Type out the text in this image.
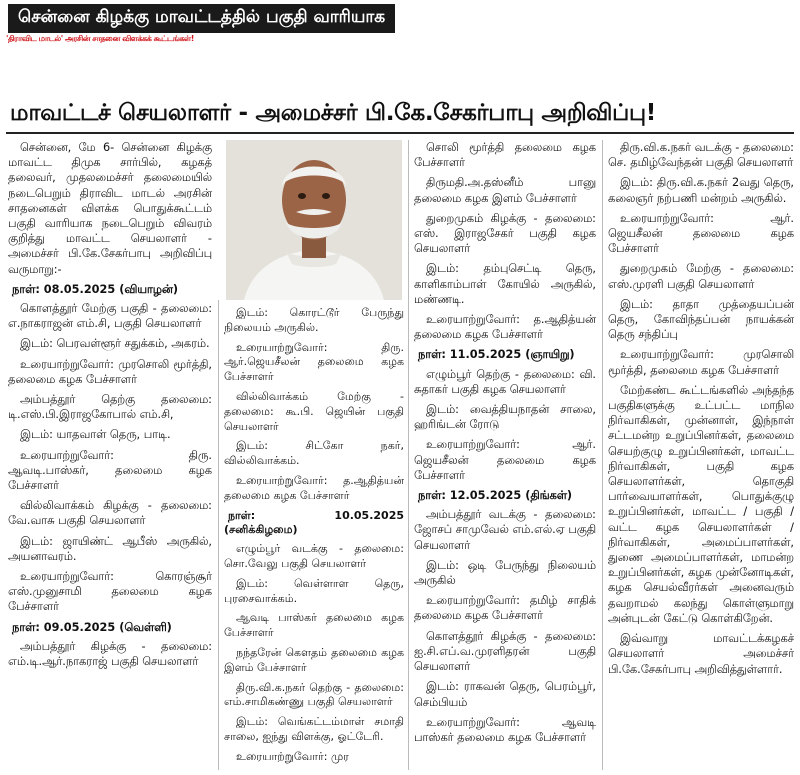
சென்னை கிழக்கு மாவட்டத்தில் பகுதி வாரியாக
'திராவிட மாடல்' அரசின் சாதனை விளக்கக் கூட்டங்கள்!
மாவட்டச் செயலாளர் - அமைச்சர் பி.கே.சேகர்பாபு அறிவிப்பு!

சென்னை, மே 6- சென்னை கிழக்கு மாவட்ட திமுக சார்பில், கழகத் தலைவர், முதலமைச்சர் தலைமையில் நடைபெறும் திராவிட மாடல் அரசின் சாதனைகள் விளக்க பொதுக்கூட்டம் பகுதி வாரியாக நடைபெறும் விவரம் குறித்து மாவட்ட செயலாளர் - அமைச்சர் பி.கே.சேகர்பாபு அறிவிப்பு வருமாறு:-

நாள்: 08.05.2025 (வியாழன்)

கொளத்தூர் மேற்கு பகுதி - தலைமை: எ.நாகராஜன் எம்.சி, பகுதி செயலாளர்

இடம்: பெரவள்ளூர் சதுக்கம், அகரம்.

உரையாற்றுவோர்: முரசொலி மூர்த்தி, தலைமை கழக பேச்சாளர்

அம்பத்தூர் தெற்கு தலைமை: டி.எஸ்.பி.இராஜகோபால் எம்.சி,

இடம்: யாதவாள் தெரு, பாடி.

உரையாற்றுவோர்: திரு. ஆவடி.பாஸ்கர், தலைமை கழக பேச்சாளர்

வில்லிவாக்கம் கிழக்கு - தலைமை: வே.வாசு பகுதி செயலாளர்

இடம்: ஜாயிண்ட் ஆபீஸ் அருகில், அயனாவரம்.

உரையாற்றுவோர்: கொரஞ்சூர் எஸ்.முனுசாமி தலைமை கழக பேச்சாளர்

நாள்: 09.05.2025 (வெள்ளி)

அம்பத்தூர் கிழக்கு - தலைமை: எம்.டி.ஆர்.நாகராஜ் பகுதி செயலாளர்

இடம்: கொரட்டூர் பேருந்து நிலையம் அருகில்.

உரையாற்றுவோர்: திரு. ஆர்.ஜெயசீலன் தலைமை கழக பேச்சாளர்

வில்லிவாக்கம் மேற்கு - தலைமை: கூ.பி. ஜெயின் பகுதி செயலாளர்

இடம்: சிட்கோ நகர், வில்லிவாக்கம்.

உரையாற்றுவோர்: த.ஆதித்யன் தலைமை கழக பேச்சாளர்

நாள்: 10.05.2025 (சனிக்கிழமை)

எழும்பூர் வடக்கு - தலைமை: சொ.வேலு பகுதி செயலாளர்

இடம்: வெள்ளாள தெரு, புரசைவாக்கம்.

ஆவடி பாஸ்கர் தலைமை கழக பேச்சாளர்

நந்தரேன் கௌதம் தலைமை கழக இளம் பேச்சாளர்

திரு.வி.க.நகர் தெற்கு - தலைமை: எம்.சாமிகண்ணு பகுதி செயலாளர்

இடம்: வெங்கட்டம்மாள் சமாதி சாலை, ஐந்து விளக்கு, ஓட்டேரி.

உரையாற்றுவோர்: முர

சொலி மூர்த்தி தலைமை கழக பேச்சாளர்

திருமதி.அ.தஸ்னீம் பானு தலைமை கழக இளம் பேச்சாளர்

துறைமுகம் கிழக்கு - தலைமை: எஸ். இராஜசேகர் பகுதி கழக செயலாளர்

இடம்: தம்புசெட்டி தெரு, காளிகாம்பாள் கோயில் அருகில், மண்ணடி.

உரையாற்றுவோர்: த.ஆதித்யன் தலைமை கழக பேச்சாளர்

நாள்: 11.05.2025 (ஞாயிறு)

எழும்பூர் தெற்கு - தலைமை: வி. சுதாகர் பகுதி கழக செயலாளர்

இடம்: வைத்தியநாதன் சாலை, ஹரிங்டன் ரோடு

உரையாற்றுவோர்: ஆர். ஜெயசீலன் தலைமை கழக பேச்சாளர்

நாள்: 12.05.2025 (திங்கள்)

அம்பத்தூர் வடக்கு - தலைமை: ஜோசப் சாமுவேல் எம்.எல்.ஏ பகுதி செயலாளர்

இடம்: ஒடி பேருந்து நிலையம் அருகில்

உரையாற்றுவோர்: தமிழ் சாதிக் தலைமை கழக பேச்சாளர்

கொளத்தூர் கிழக்கு - தலைமை: ஐ.சி.எப்.வ.முரளிதரன் பகுதி செயலாளர்

இடம்: ராகவன் தெரு, பெரம்பூர், செம்பியம்

உரையாற்றுவோர்: ஆவடி பாஸ்கர் தலைமை கழக பேச்சாளர்

திரு.வி.க.நகர் வடக்கு - தலைமை: செ. தமிழ்வேந்தன் பகுதி செயலாளர்

இடம்: திரு.வி.க.நகர் 2வது தெரு, கலைஞர் நற்பணி மன்றம் அருகில்.

உரையாற்றுவோர்: ஆர். ஜெயசீலன் தலைமை கழக பேச்சாளர்

துறைமுகம் மேற்கு - தலைமை: எஸ்.முரளி பகுதி செயலாளர்

இடம்: தாதா முத்தையப்பன் தெரு, கோவிந்தப்பன் நாயக்கன் தெரு சந்திப்பு

உரையாற்றுவோர்: முரசொலி மூர்த்தி, தலைமை கழக பேச்சாளர்

மேற்கண்ட கூட்டங்களில் அந்தந்த பகுதிகளுக்கு உட்பட்ட மாநில நிர்வாகிகள், முன்னாள், இந்நாள் சட்டமன்ற உறுப்பினர்கள், தலைமை செயற்குழு உறுப்பினர்கள், மாவட்ட நிர்வாகிகள், பகுதி கழக செயலாளர்கள், தொகுதி பார்வையாளர்கள், பொதுக்குழு உறுப்பினர்கள், மாவட்ட / பகுதி / வட்ட கழக செயலாளர்கள் / நிர்வாகிகள், அமைப்பாளர்கள், துணை அமைப்பாளர்கள், மாமன்ற உறுப்பினர்கள், கழக முன்னோடிகள், கழக செயல்வீரர்கள் அனைவரும் தவறாமல் கலந்து கொள்ளுமாறு அன்புடன் கேட்டு கொள்கிறேன்.

இவ்வாறு மாவட்டக்கழகச் செயலாளர் அமைச்சர் பி.கே.சேகர்பாபு அறிவித்துள்ளார்.
